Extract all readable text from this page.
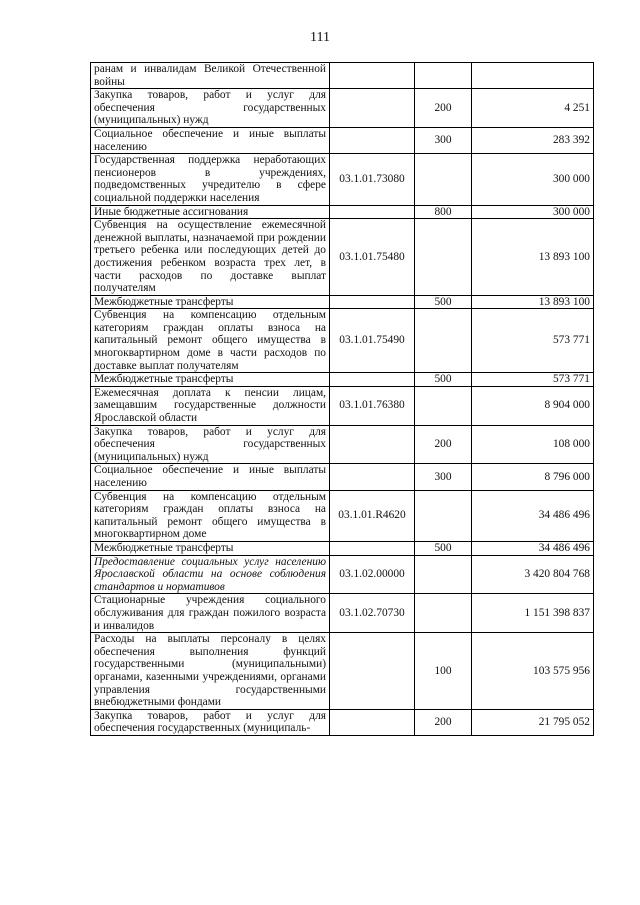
111
ранам и инвалидам Великой Отечественной войны			
Закупка товаров, работ и услуг для обеспечения государственных (муниципальных) нужд		200	4 251
Социальное обеспечение и иные выплаты населению		300	283 392
Государственная поддержка неработающих пенсионеров в учреждениях, подведомственных учредителю в сфере социальной поддержки населения	03.1.01.73080		300 000
Иные бюджетные ассигнования		800	300 000
Субвенция на осуществление ежемесячной денежной выплаты, назначаемой при рождении третьего ребенка или последующих детей до достижения ребенком возраста трех лет, в части расходов по доставке выплат получателям	03.1.01.75480		13 893 100
Межбюджетные трансферты		500	13 893 100
Субвенция на компенсацию отдельным категориям граждан оплаты взноса на капитальный ремонт общего имущества в многоквартирном доме в части расходов по доставке выплат получателям	03.1.01.75490		573 771
Межбюджетные трансферты		500	573 771
Ежемесячная доплата к пенсии лицам, замещавшим государственные должности Ярославской области	03.1.01.76380		8 904 000
Закупка товаров, работ и услуг для обеспечения государственных (муниципальных) нужд		200	108 000
Социальное обеспечение и иные выплаты населению		300	8 796 000
Субвенция на компенсацию отдельным категориям граждан оплаты взноса на капитальный ремонт общего имущества в многоквартирном доме	03.1.01.R4620		34 486 496
Межбюджетные трансферты		500	34 486 496
Предоставление социальных услуг населению Ярославской области на основе соблюдения стандартов и нормативов	03.1.02.00000		3 420 804 768
Стационарные учреждения социального обслуживания для граждан пожилого возраста и инвалидов	03.1.02.70730		1 151 398 837
Расходы на выплаты персоналу в целях обеспечения выполнения функций государственными (муниципальными) органами, казенными учреждениями, органами управления государственными внебюджетными фондами		100	103 575 956
Закупка товаров, работ и услуг для обеспечения государственных (муниципаль-		200	21 795 052
